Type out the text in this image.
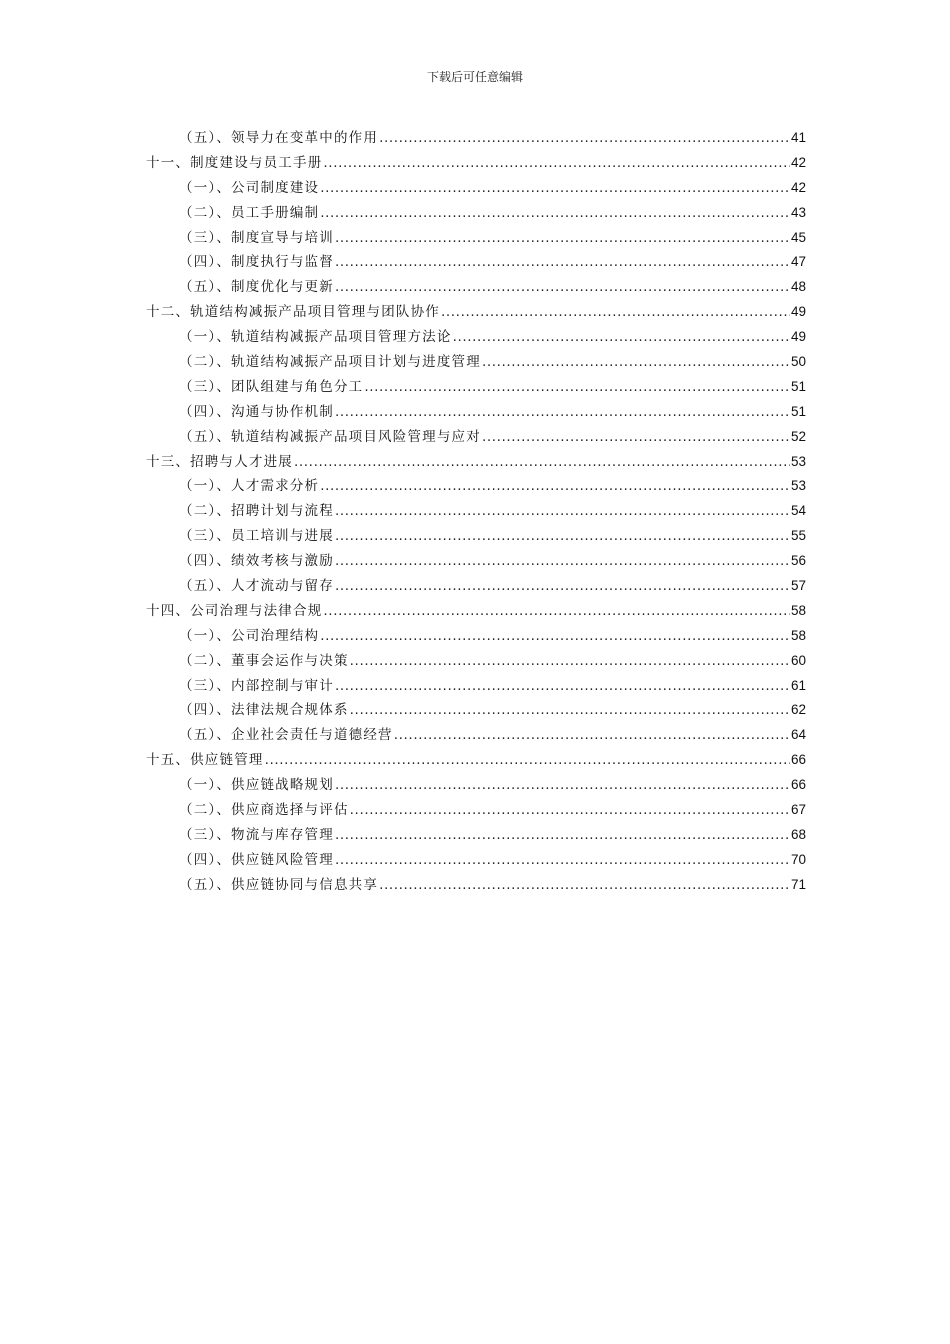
下载后可任意编辑
（五）、领导力在变革中的作用 .....	41
十一、制度建设与员工手册 .....	42
（一）、公司制度建设 .....	42
（二）、员工手册编制 .....	43
（三）、制度宣导与培训 .....	45
（四）、制度执行与监督 .....	47
（五）、制度优化与更新 .....	48
十二、轨道结构减振产品项目管理与团队协作 .....	49
（一）、轨道结构减振产品项目管理方法论 .....	49
（二）、轨道结构减振产品项目计划与进度管理 .....	50
（三）、团队组建与角色分工 .....	51
（四）、沟通与协作机制 .....	51
（五）、轨道结构减振产品项目风险管理与应对 .....	52
十三、招聘与人才进展 .....	53
（一）、人才需求分析 .....	53
（二）、招聘计划与流程 .....	54
（三）、员工培训与进展 .....	55
（四）、绩效考核与激励 .....	56
（五）、人才流动与留存 .....	57
十四、公司治理与法律合规 .....	58
（一）、公司治理结构 .....	58
（二）、董事会运作与决策 .....	60
（三）、内部控制与审计 .....	61
（四）、法律法规合规体系 .....	62
（五）、企业社会责任与道德经营 .....	64
十五、供应链管理 .....	66
（一）、供应链战略规划 .....	66
（二）、供应商选择与评估 .....	67
（三）、物流与库存管理 .....	68
（四）、供应链风险管理 .....	70
（五）、供应链协同与信息共享 .....	71
